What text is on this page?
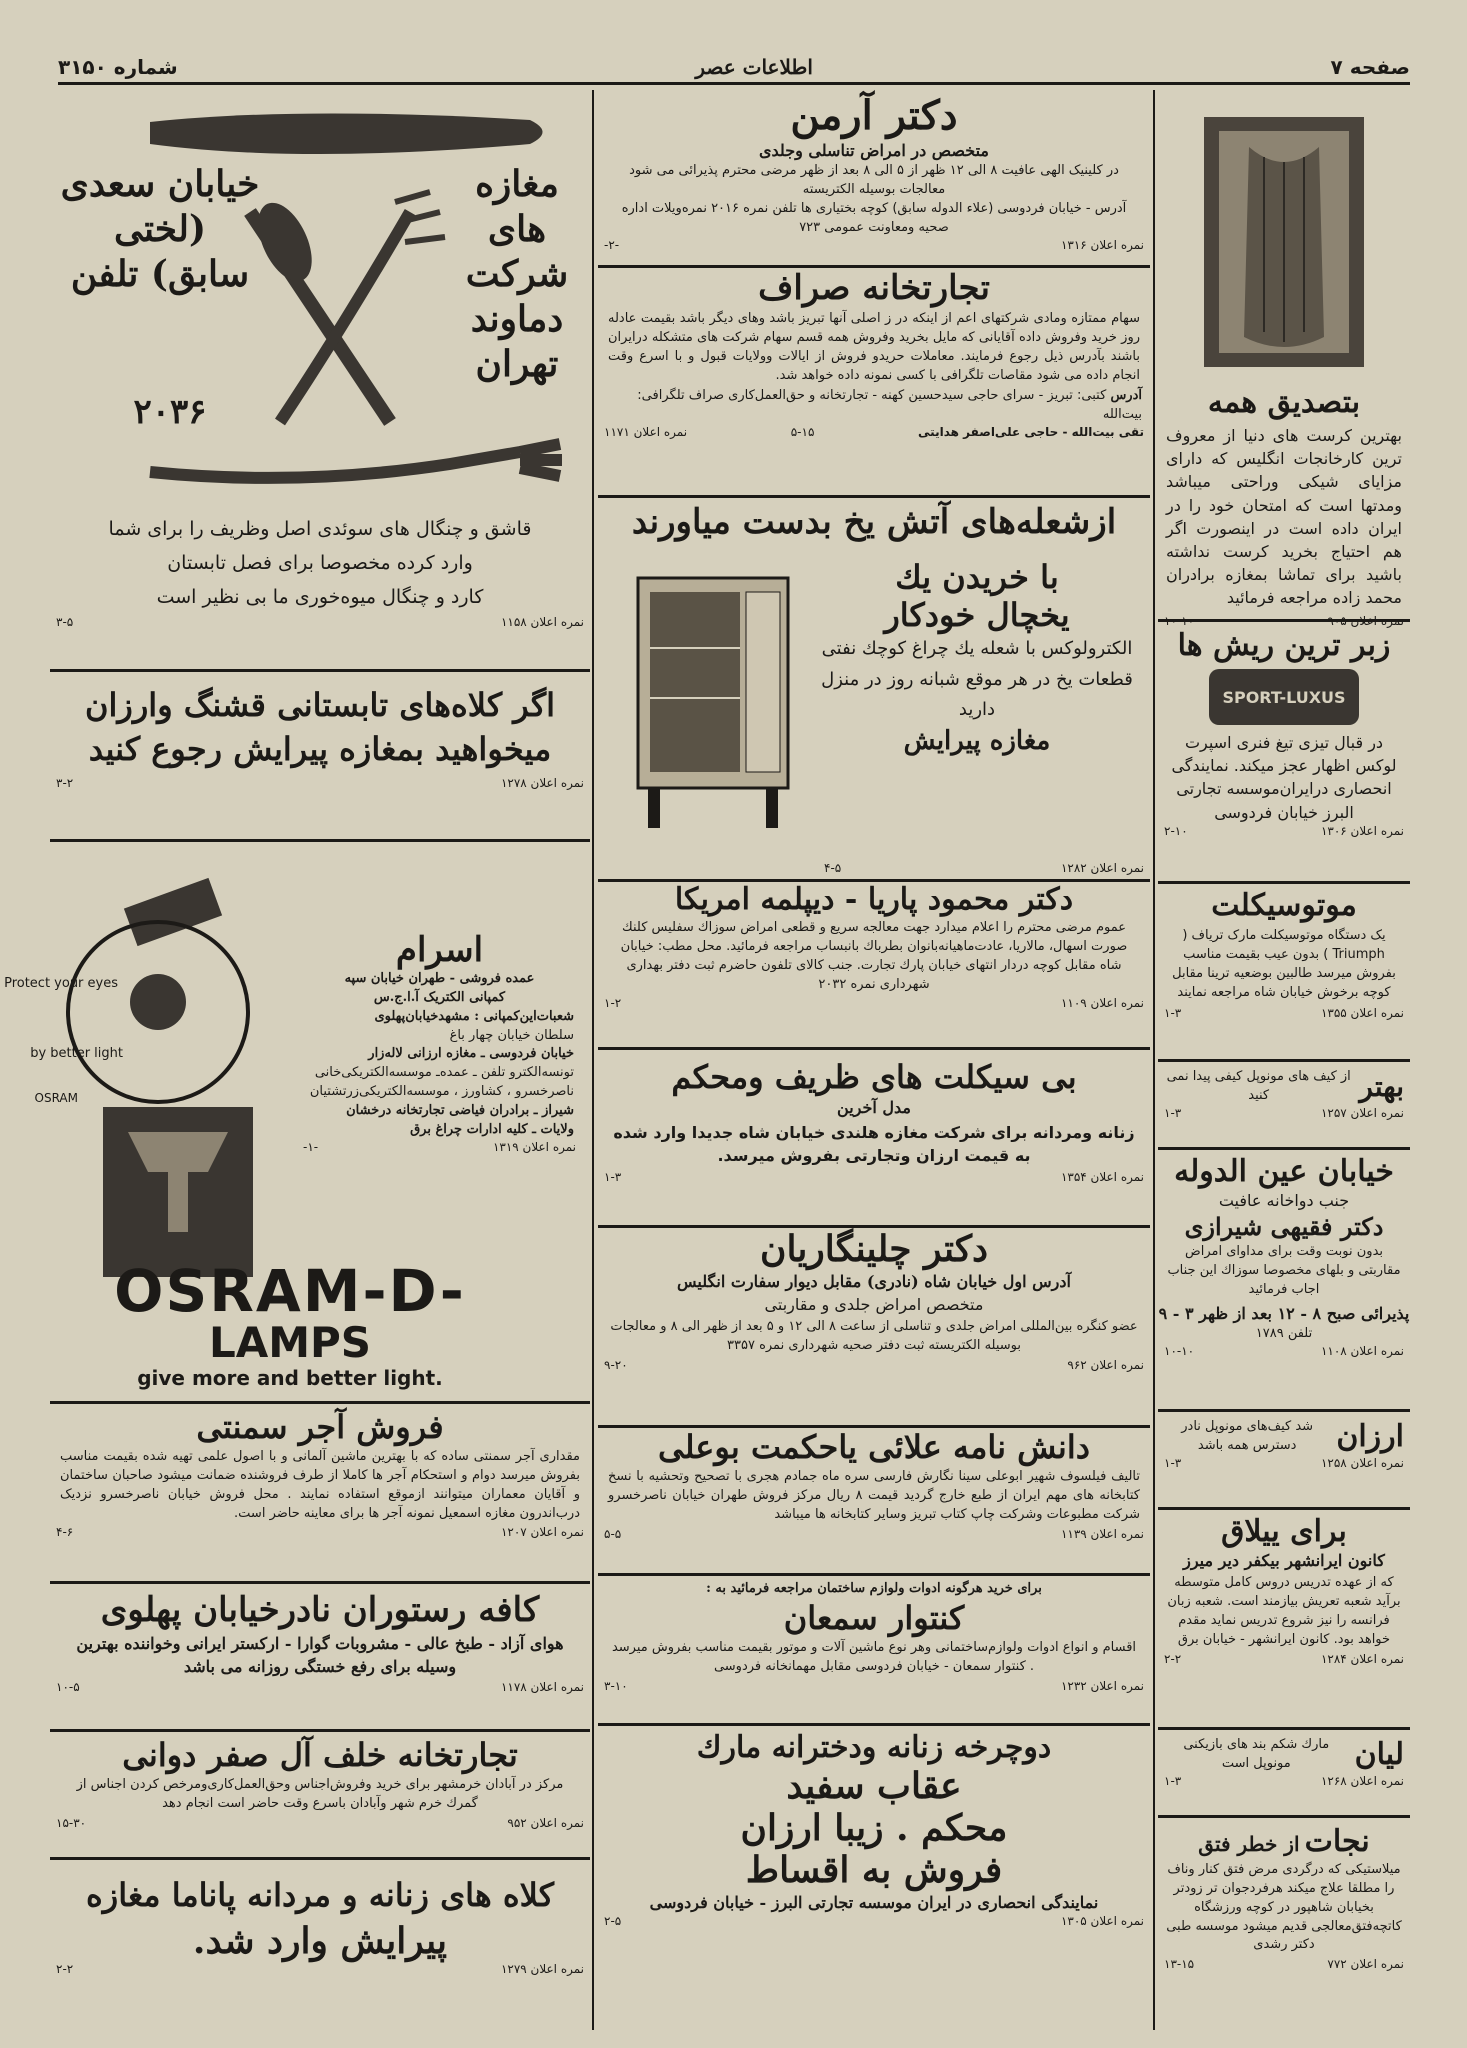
شماره ۳۱۵۰	اطلاعات عصر	صفحه ۷
بتصدیق همه
بهترین کرست های دنیا از معروف ترین کارخانجات انگلیس که دارای مزایای شیکی وراحتی میباشد ومدتها است که امتحان خود را در ایران داده است در اینصورت اگر هم احتیاج بخرید کرست نداشته باشید برای تماشا بمغازه برادران محمد زاده مراجعه فرمائید
نمره اعلان ۹۰۵
۱۰-۱۰
زبر ترین ریش ها
SPORT-LUXUS
در قبال تیزی تیغ فنری اسپرت لوکس اظهار عجز میکند. نمایندگی انحصاری درایران‌موسسه تجارتی البرز خیابان فردوسی
نمره اعلان ۱۳۰۶
۲-۱۰
موتوسیکلت
یک دستگاه موتوسیکلت مارک تریاف ( Triumph ) بدون عیب بقیمت مناسب بفروش میرسد طالبین بوضعیه ترینا مقابل کوچه برخوش خیابان شاه مراجعه نمایند
نمره اعلان ۱۳۵۵
۱-۳
بهتر
از کیف های مونوپل کیفی پیدا نمی کنید
نمره اعلان ۱۲۵۷
۱-۳
خیابان عین الدوله
جنب دواخانه عافیت
دکتر فقیهی شیرازی
بدون نوبت وقت برای مداوای امراض مقاربتی و بلهای مخصوصا سوزاك این جناب اجاب فرمائید
پذیرائی صبح ۸ - ۱۲ بعد از ظهر ۳ - ۹
تلفن ۱۷۸۹
نمره اعلان ۱۱۰۸
۱۰-۱۰
ارزان
شد کیف‌های مونوپل نادر دسترس همه باشد
نمره اعلان ۱۲۵۸
۱-۳
برای ییلاق
کانون ایرانشهر بیکفر دیر میرز
که از عهده تدریس دروس کامل متوسطه برآید شعبه تعریش بیازمند است. شعبه زبان فرانسه را نیز شروع تدریس نماید مقدم خواهد بود. کانون ایرانشهر - خیابان برق
نمره اعلان ۱۲۸۴
۲-۲
لیان
مارك شکم بند های بازیکنی مونوپل است
نمره اعلان ۱۲۶۸
۱-۳
نجات از خطر فتق
میلاستیکی که درگردی مرض فتق کنار وناف را مطلقا علاج میکند هرفردجوان تر زودتر بخیابان شاهپور در کوچه ورزشگاه کاتچه‌فتق‌معالجی قدیم میشود موسسه طبی دکتر رشدی
نمره اعلان ۷۷۲
۱۳-۱۵
دکتر آرمن
متخصص در امراض تناسلی وجلدی
در کلینیک الهی عافیت ۸ الی ۱۲ ظهر از ۵ الی ۸ بعد از ظهر مرضی محترم پذیرائی می شود معالجات بوسیله الکتریسته
آدرس - خیابان فردوسی (علاء الدوله سابق) کوچه بختیاری ها تلفن نمره ۲۰۱۶ نمره‌ویلات اداره صحیه ومعاونت عمومی ۷۲۳
نمره اعلان ۱۳۱۶
-۲-
تجارتخانه صراف
سهام ممتازه ومادی شرکتهای اعم از اینکه در ز اصلی آنها تبریز باشد وهای دیگر باشد بقیمت عادله روز خرید وفروش داده آقایانی که مایل بخرید وفروش همه قسم سهام شرکت های متشکله درایران باشند بآدرس ذیل رجوع فرمایند. معاملات حریدو فروش از ایالات وولایات قبول و با اسرع وقت انجام داده می شود مقاصات تلگرافی با کسی نمونه داده خواهد شد.
آدرس کتبی: تبریز - سرای حاجی سیدحسین کهنه - تجارتخانه و حق‌العمل‌کاری صراف تلگرافی: بیت‌الله
تقی بیت‌الله - حاجی علی‌اصفر هدایتی
۵-۱۵
نمره اعلان ۱۱۷۱
ازشعله‌های آتش یخ بدست میاورند
با خریدن یك
یخچال خودکار
الکترولوکس با شعله یك چراغ کوچك نفتی قطعات یخ در هر موقع شبانه روز در منزل دارید
مغازه پیرایش
نمره اعلان ۱۲۸۲
۴-۵
دکتر محمود پاریا - دیپلمه امریکا
عموم مرضی محترم را اعلام میدارد جهت معالجه سریع و قطعی امراض سوزاك سفلیس کلنك صورت اسهال، مالاریا، عادت‌ماهیانه‌بانوان بطرباك بانبساب مراجعه فرمائید. محل مطب: خیابان شاه مقابل کوچه دردار انتهای خیابان پارك تجارت. جنب کالای تلفون حاضرم ثبت دفتر بهداری شهرداری نمره ۲۰۳۲
نمره اعلان ۱۱۰۹
۱-۲
بی سیکلت های ظریف ومحکم
مدل آخرین
زنانه ومردانه برای شرکت مغازه هلندی خیابان شاه جدیدا وارد شده به قیمت ارزان وتجارتی بفروش میرسد.
نمره اعلان ۱۳۵۴
۱-۳
دکتر چلینگاریان
آدرس اول خیابان شاه (نادری) مقابل دیوار سفارت انگلیس
متخصص امراض جلدی و مقاربتی
عضو کنگره بین‌المللی امراض جلدی و تناسلی از ساعت ۸ الی ۱۲ و ۵ بعد از ظهر الی ۸ و معالجات بوسیله الکتریسته ثبت دفتر صحیه شهرداری نمره ۳۳۵۷
نمره اعلان ۹۶۲
۹-۲۰
دانش نامه علائی یاحکمت بوعلی
تالیف فیلسوف شهیر ابوعلی سینا نگارش فارسی سره ماه جمادم هجری با تصحیح وتحشیه با نسخ کتابخانه های مهم ایران از طبع خارج گردید قیمت ۸ ریال مرکز فروش طهران خیابان ناصرخسرو شرکت مطبوعات وشرکت چاپ کتاب تبریز وسایر کتابخانه ها میباشد
نمره اعلان ۱۱۳۹
۵-۵
برای خرید هرگونه ادوات ولوازم ساختمان مراجعه فرمائید به :
کنتوار سمعان
اقسام و انواع ادوات ولوازم‌ساختمانی وهر نوع ماشین آلات و موتور بقیمت مناسب بفروش میرسد . کنتوار سمعان - خیابان فردوسی مقابل مهمانخانه فردوسی
نمره اعلان ۱۲۳۲
۳-۱۰
دوچرخه زنانه ودخترانه مارك
عقاب سفید
محکم . زیبا ارزان
فروش به اقساط
نمایندگی انحصاری در ایران موسسه تجارتی البرز - خیابان فردوسی
نمره اعلان ۱۳۰۵
۲-۵
خیابان سعدی (لختی سابق) تلفن
مغازه های شرکت دماوند تهران
۲۰۳۶
قاشق و چنگال های سوئدی اصل وظریف را برای شما
وارد کرده مخصوصا برای فصل تابستان
کارد و چنگال میوه‌خوری ما بی نظیر است
نمره اعلان ۱۱۵۸
۳-۵
اگر کلاه‌های تابستانی قشنگ وارزان
میخواهید بمغازه پیرایش رجوع کنید
نمره اعلان ۱۲۷۸
۳-۲
Protect your eyes
by better light
OSRAM
اسرام
عمده فروشی - طهران خیابان سپه
کمپانی الکتریک آ.ا.ج.س
شعبات‌این‌کمپانی : مشهد‌خیابان‌پهلوی
سلطان‌ خیابان چهار باغ
خیابان فردوسی ـ مغازه ارزانی لاله‌زار
تونسه‌الکترو تلفن ـ عمده‌ـ موسسه‌الکتریکی‌خانی
ناصرخسرو ، کشاورز ، موسسه‌الکتریکی‌زرتشتیان
شیراز ـ برادران فیاضی تجارتخانه درخشان
ولایات ـ کلیه ادارات چراغ برق
نمره اعلان ۱۳۱۹
-۱-
OSRAM-D-
LAMPS
give more and better light.
فروش آجر سمنتی
مقداری آجر سمنتی ساده که با بهترین ماشین آلمانی و با اصول علمی تهیه شده بقیمت مناسب بفروش میرسد دوام و استحکام آجر ها کاملا از طرف فروشنده ضمانت میشود صاحبان ساختمان و آقایان معماران میتوانند ازموقع استفاده نمایند . محل فروش خیابان ناصرخسرو نزدیک درب‌اندرون مغازه اسمعیل نمونه آجر ها برای معاینه حاضر است.
نمره اعلان ۱۲۰۷
۴-۶
کافه رستوران نادرخیابان پهلوی
هوای آزاد - طبخ عالی - مشروبات گوارا - ارکستر ایرانی وخواننده بهترین وسیله برای رفع خستگی روزانه می باشد
نمره اعلان ۱۱۷۸
۱۰-۵
تجارتخانه خلف آل صفر دوانی
مرکز در آبادان خرمشهر برای خرید وفروش‌اجناس وحق‌العمل‌کاری‌ومرخص کردن اجناس از گمرك خرم شهر وآبادان باسرع وقت حاضر است انجام دهد
نمره اعلان ۹۵۲
۱۵-۳۰
کلاه های زنانه و مردانه پاناما مغازه
پیرایش وارد شد.
نمره اعلان ۱۲۷۹
۲-۲
